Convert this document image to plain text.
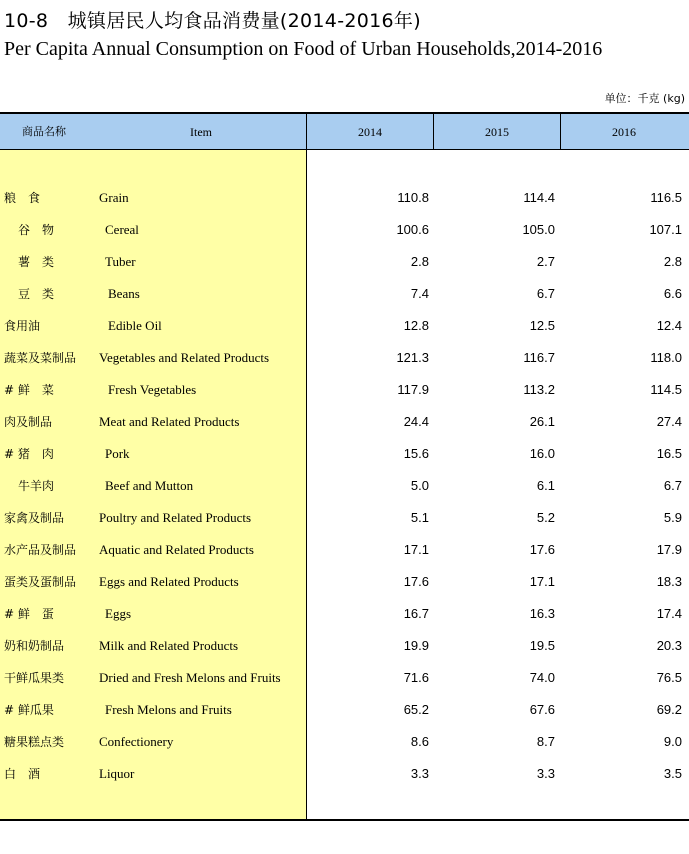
10-8　城镇居民人均食品消费量(2014-2016年)
Per Capita Annual Consumption on Food of Urban Households,2014-2016
单位：千克 (kg)
商品名称	Item	2014	2015	2016
粮　食	Grain	110.8	114.4	116.5
谷　物	Cereal	100.6	105.0	107.1
薯　类	Tuber	2.8	2.7	2.8
豆　类	Beans	7.4	6.7	6.6
食用油	Edible Oil	12.8	12.5	12.4
蔬菜及菜制品 Vegetables and Related Products	121.3	116.7	118.0
# 鲜　菜	Fresh Vegetables	117.9	113.2	114.5
肉及制品	Meat and Related Products	24.4	26.1	27.4
# 猪　肉	Pork	15.6	16.0	16.5
牛羊肉	Beef and Mutton	5.0	6.1	6.7
家禽及制品	Poultry and Related Products	5.1	5.2	5.9
水产品及制品 Aquatic and Related Products	17.1	17.6	17.9
蛋类及蛋制品 Eggs and Related Products	17.6	17.1	18.3
# 鲜　蛋	Eggs	16.7	16.3	17.4
奶和奶制品	Milk and Related Products	19.9	19.5	20.3
干鲜瓜果类	Dried and Fresh Melons and Fruits	71.6	74.0	76.5
# 鲜瓜果	Fresh Melons and Fruits	65.2	67.6	69.2
糖果糕点类	Confectionery	8.6	8.7	9.0
白　酒	Liquor	3.3	3.3	3.5
